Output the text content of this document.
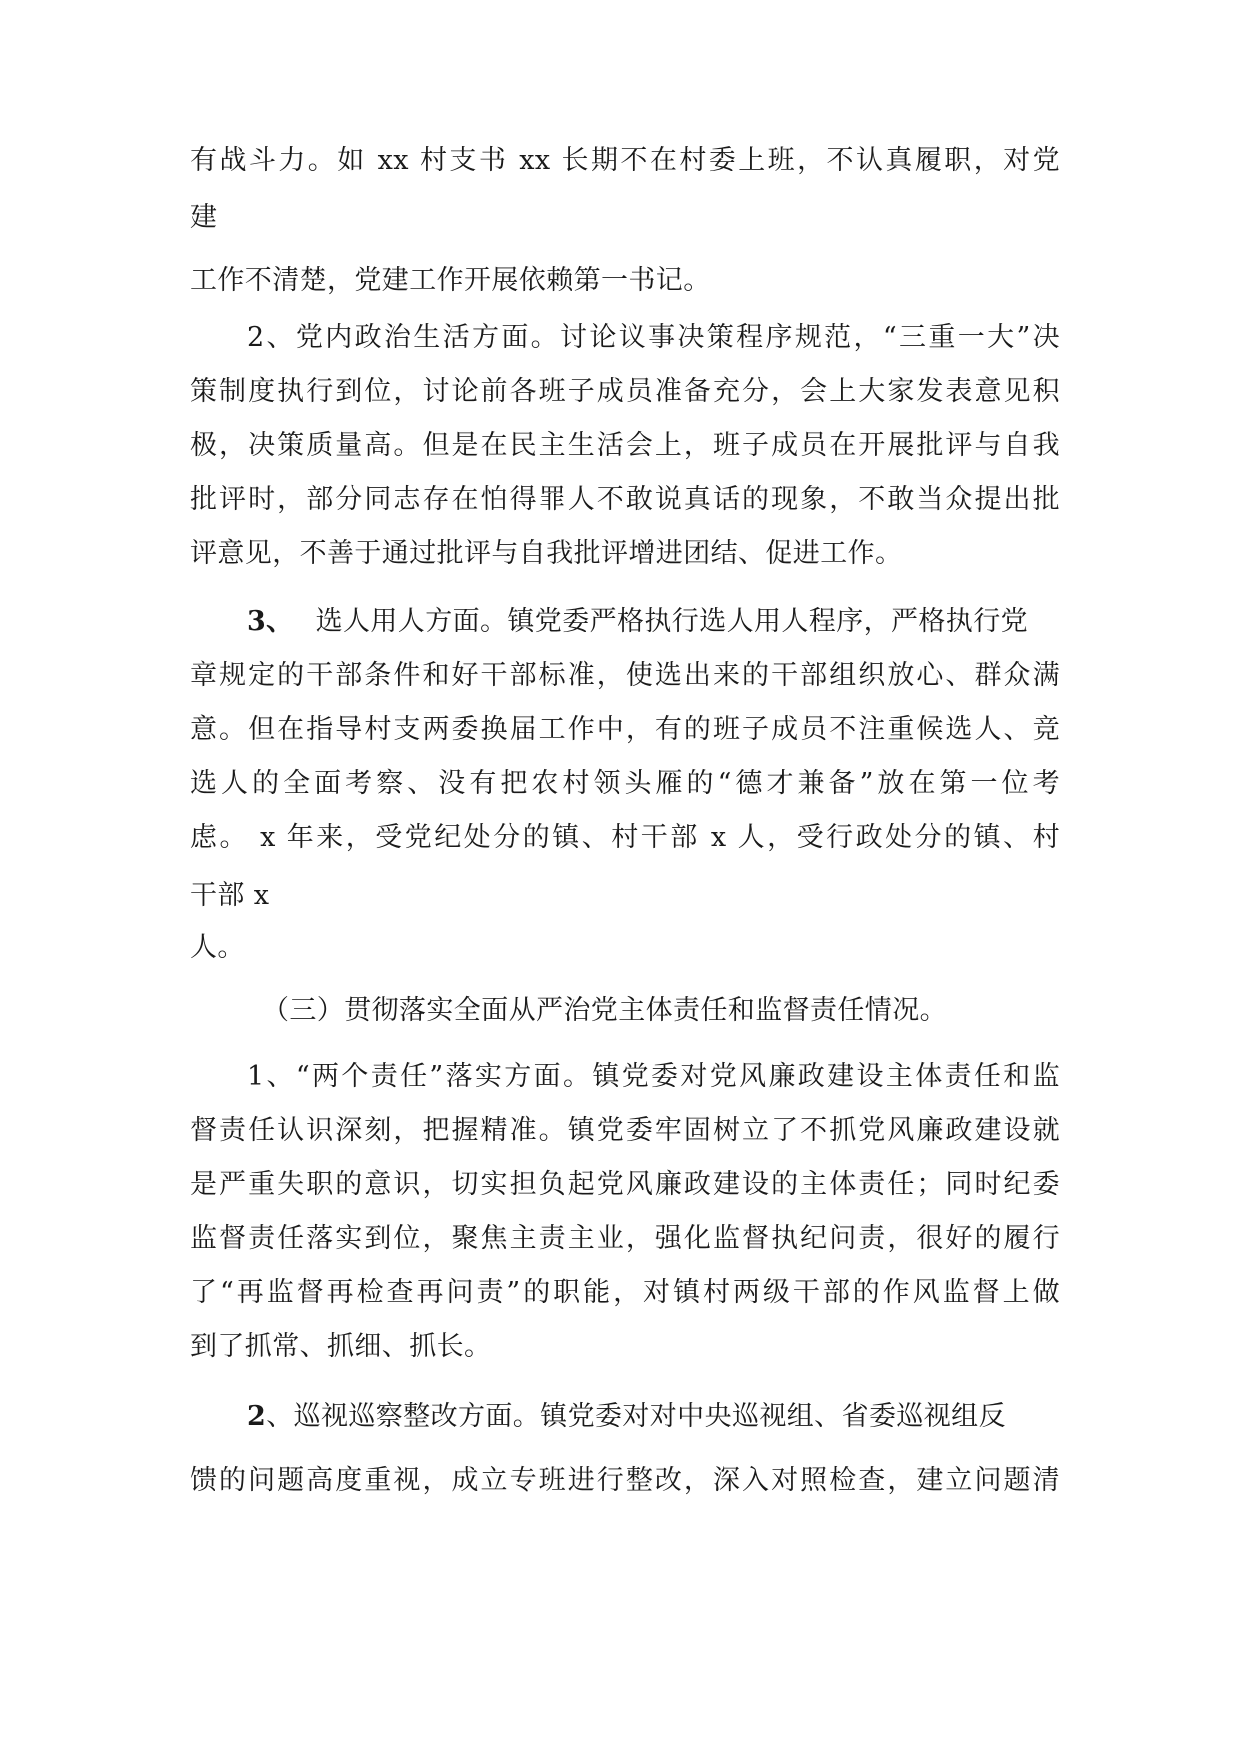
有战斗力。如 xx 村支书 xx 长期不在村委上班，不认真履职，对党
建
工作不清楚，党建工作开展依赖第一书记。
2、党内政治生活方面。讨论议事决策程序规范，“三重一大”决
策制度执行到位，讨论前各班子成员准备充分，会上大家发表意见积
极，决策质量高。但是在民主生活会上，班子成员在开展批评与自我
批评时，部分同志存在怕得罪人不敢说真话的现象，不敢当众提出批
评意见，不善于通过批评与自我批评增进团结、促进工作。
3、 选人用人方面。镇党委严格执行选人用人程序，严格执行党
章规定的干部条件和好干部标准，使选出来的干部组织放心、群众满
意。但在指导村支两委换届工作中，有的班子成员不注重候选人、竞
选人的全面考察、没有把农村领头雁的“德才兼备”放在第一位考
虑。 x 年来，受党纪处分的镇、村干部 x 人，受行政处分的镇、村
干部 x
人。
（三）贯彻落实全面从严治党主体责任和监督责任情况。
1、“两个责任”落实方面。镇党委对党风廉政建设主体责任和监
督责任认识深刻，把握精准。镇党委牢固树立了不抓党风廉政建设就
是严重失职的意识，切实担负起党风廉政建设的主体责任；同时纪委
监督责任落实到位，聚焦主责主业，强化监督执纪问责，很好的履行
了“再监督再检查再问责”的职能，对镇村两级干部的作风监督上做
到了抓常、抓细、抓长。
2、巡视巡察整改方面。镇党委对对中央巡视组、省委巡视组反
馈的问题高度重视，成立专班进行整改，深入对照检查，建立问题清
